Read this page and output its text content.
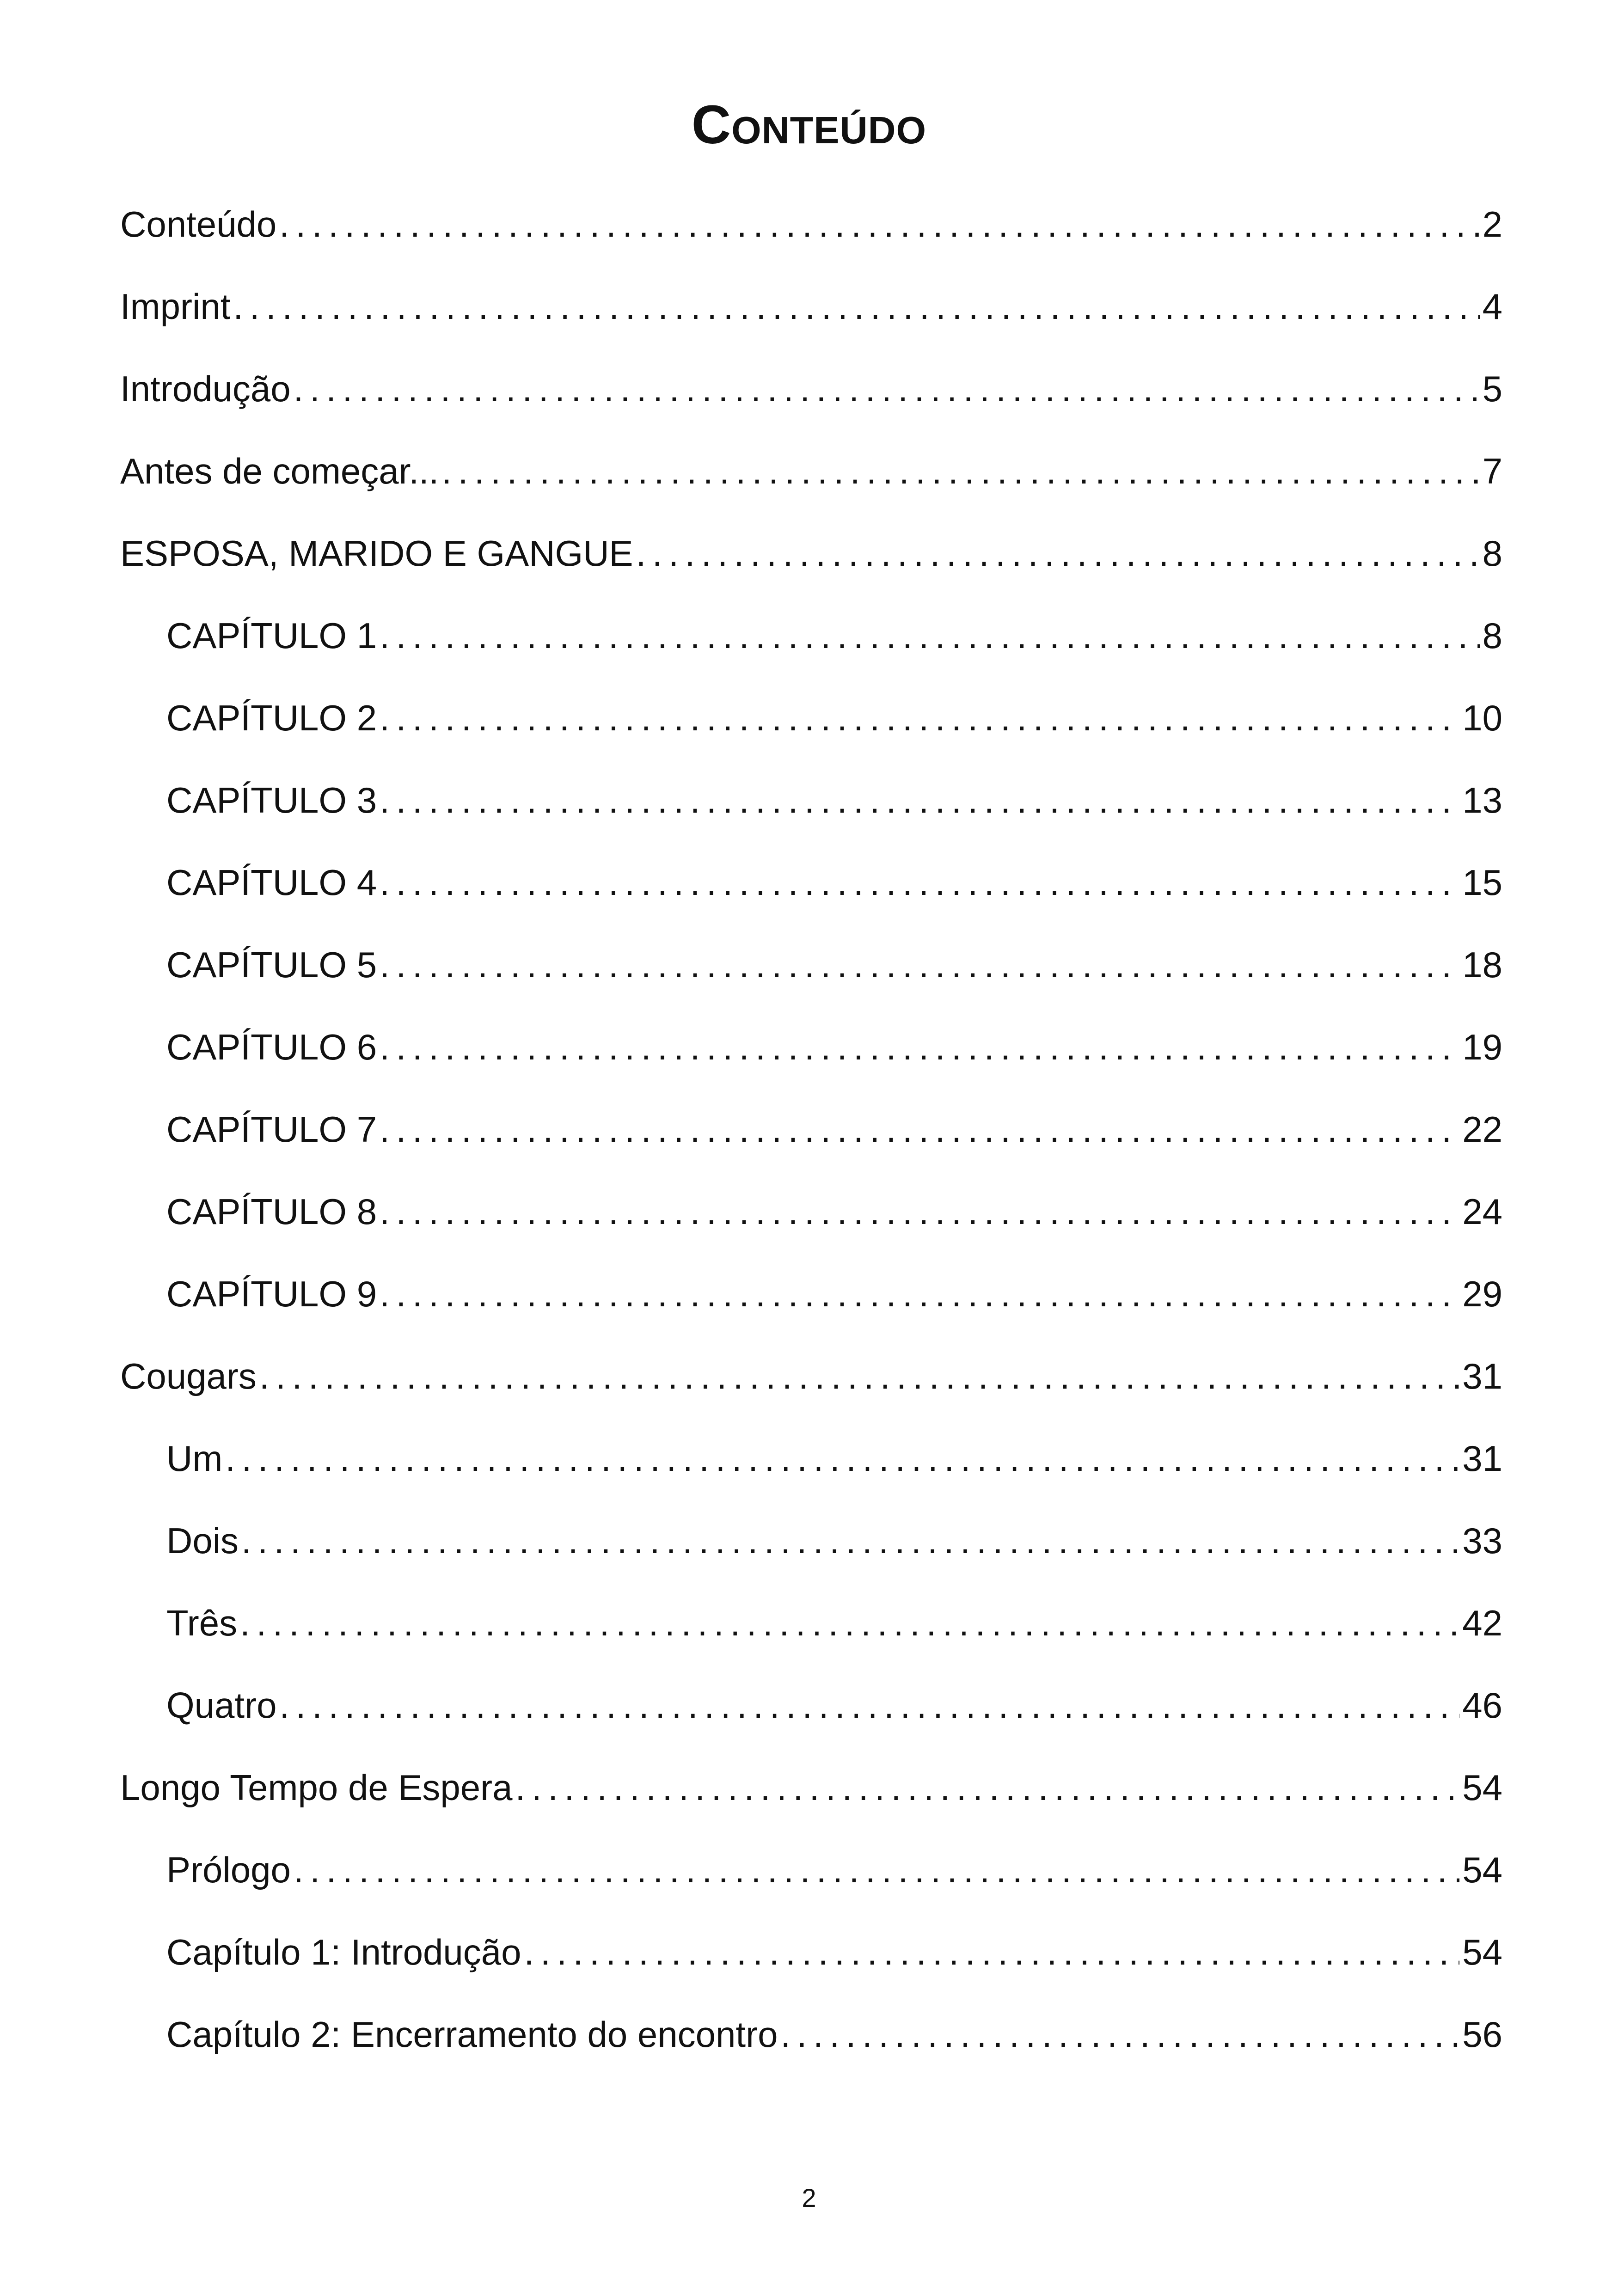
Conteúdo
Conteúdo . . .	2
Imprint . . .	4
Introdução . . .	5
Antes de começar... . . .	7
ESPOSA, MARIDO E GANGUE . . .	8
CAPÍTULO 1 . . .	8
CAPÍTULO 2 . . .	10
CAPÍTULO 3 . . .	13
CAPÍTULO 4 . . .	15
CAPÍTULO 5 . . .	18
CAPÍTULO 6 . . .	19
CAPÍTULO 7 . . .	22
CAPÍTULO 8 . . .	24
CAPÍTULO 9 . . .	29
Cougars . . .	31
Um . . .	31
Dois . . .	33
Três . . .	42
Quatro . . .	46
Longo Tempo de Espera . . .	54
Prólogo . . .	54
Capítulo 1: Introdução . . .	54
Capítulo 2: Encerramento do encontro . . .	56
2
